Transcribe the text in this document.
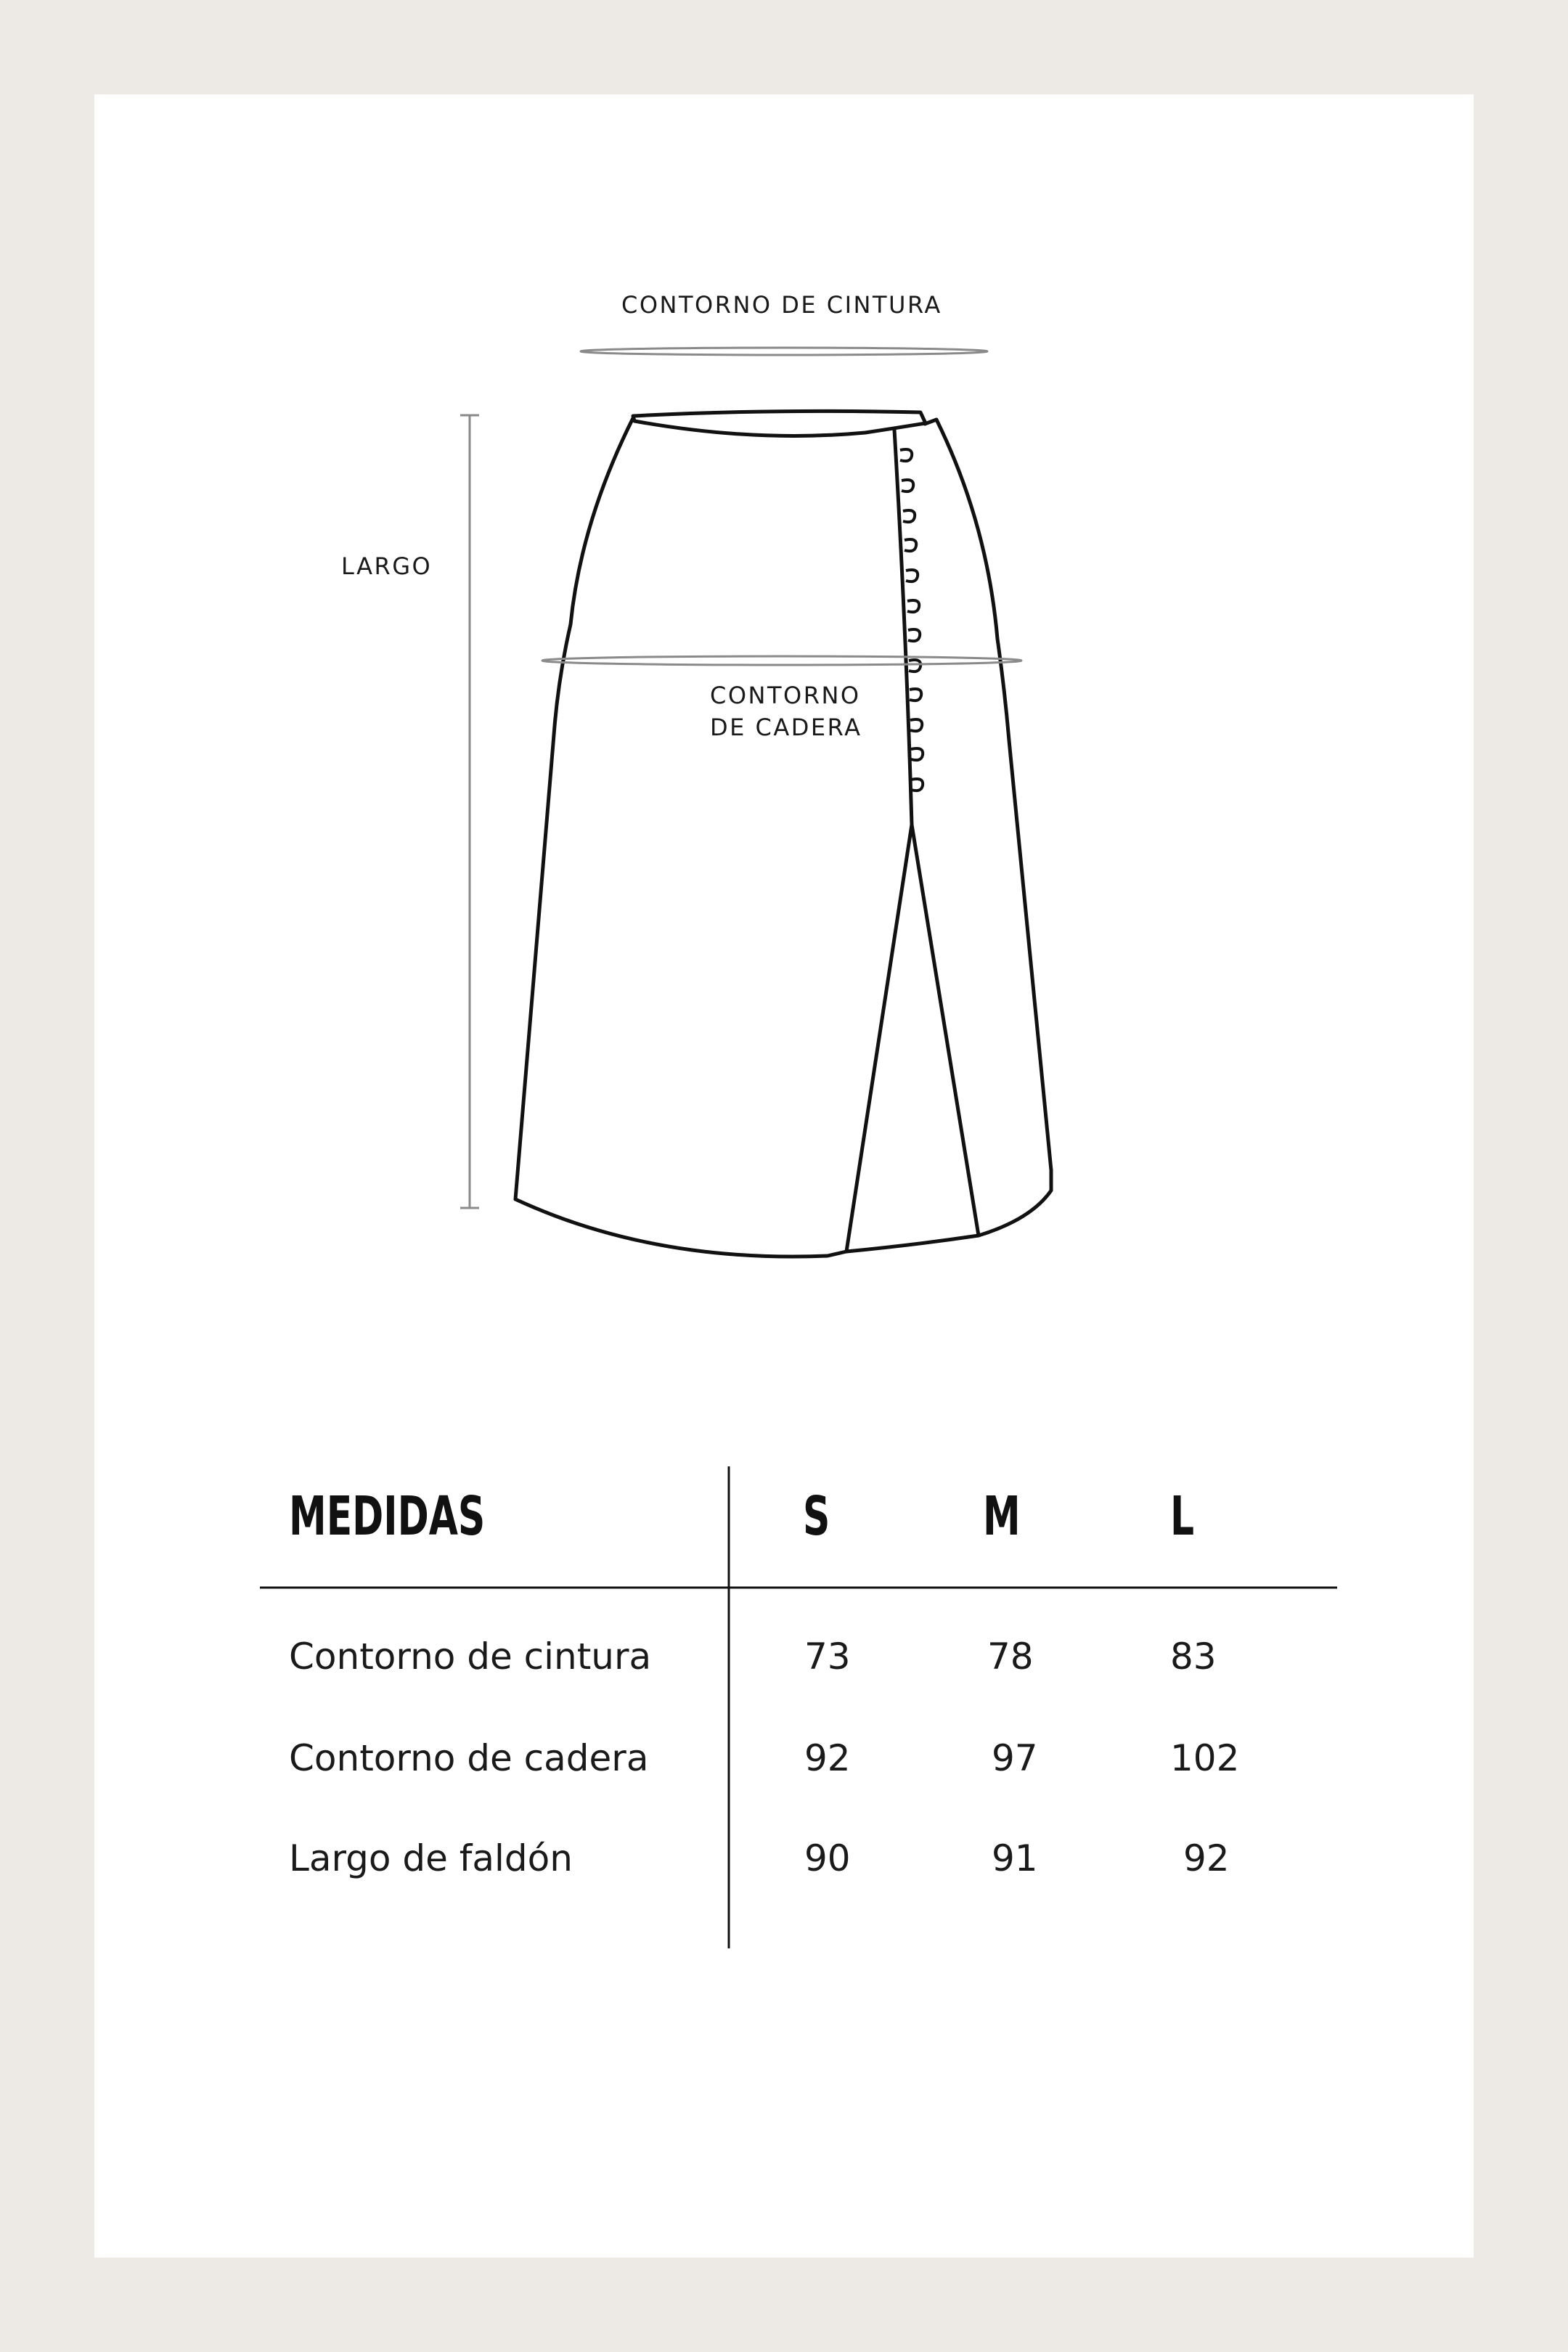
CONTORNO DE CINTURA
LARGO
CONTORNO
DE CADERA
MEDIDAS	S	M	L
Contorno de cintura	73	78	83
Contorno de cadera	92	97	102
Largo de faldón	90	91	92
